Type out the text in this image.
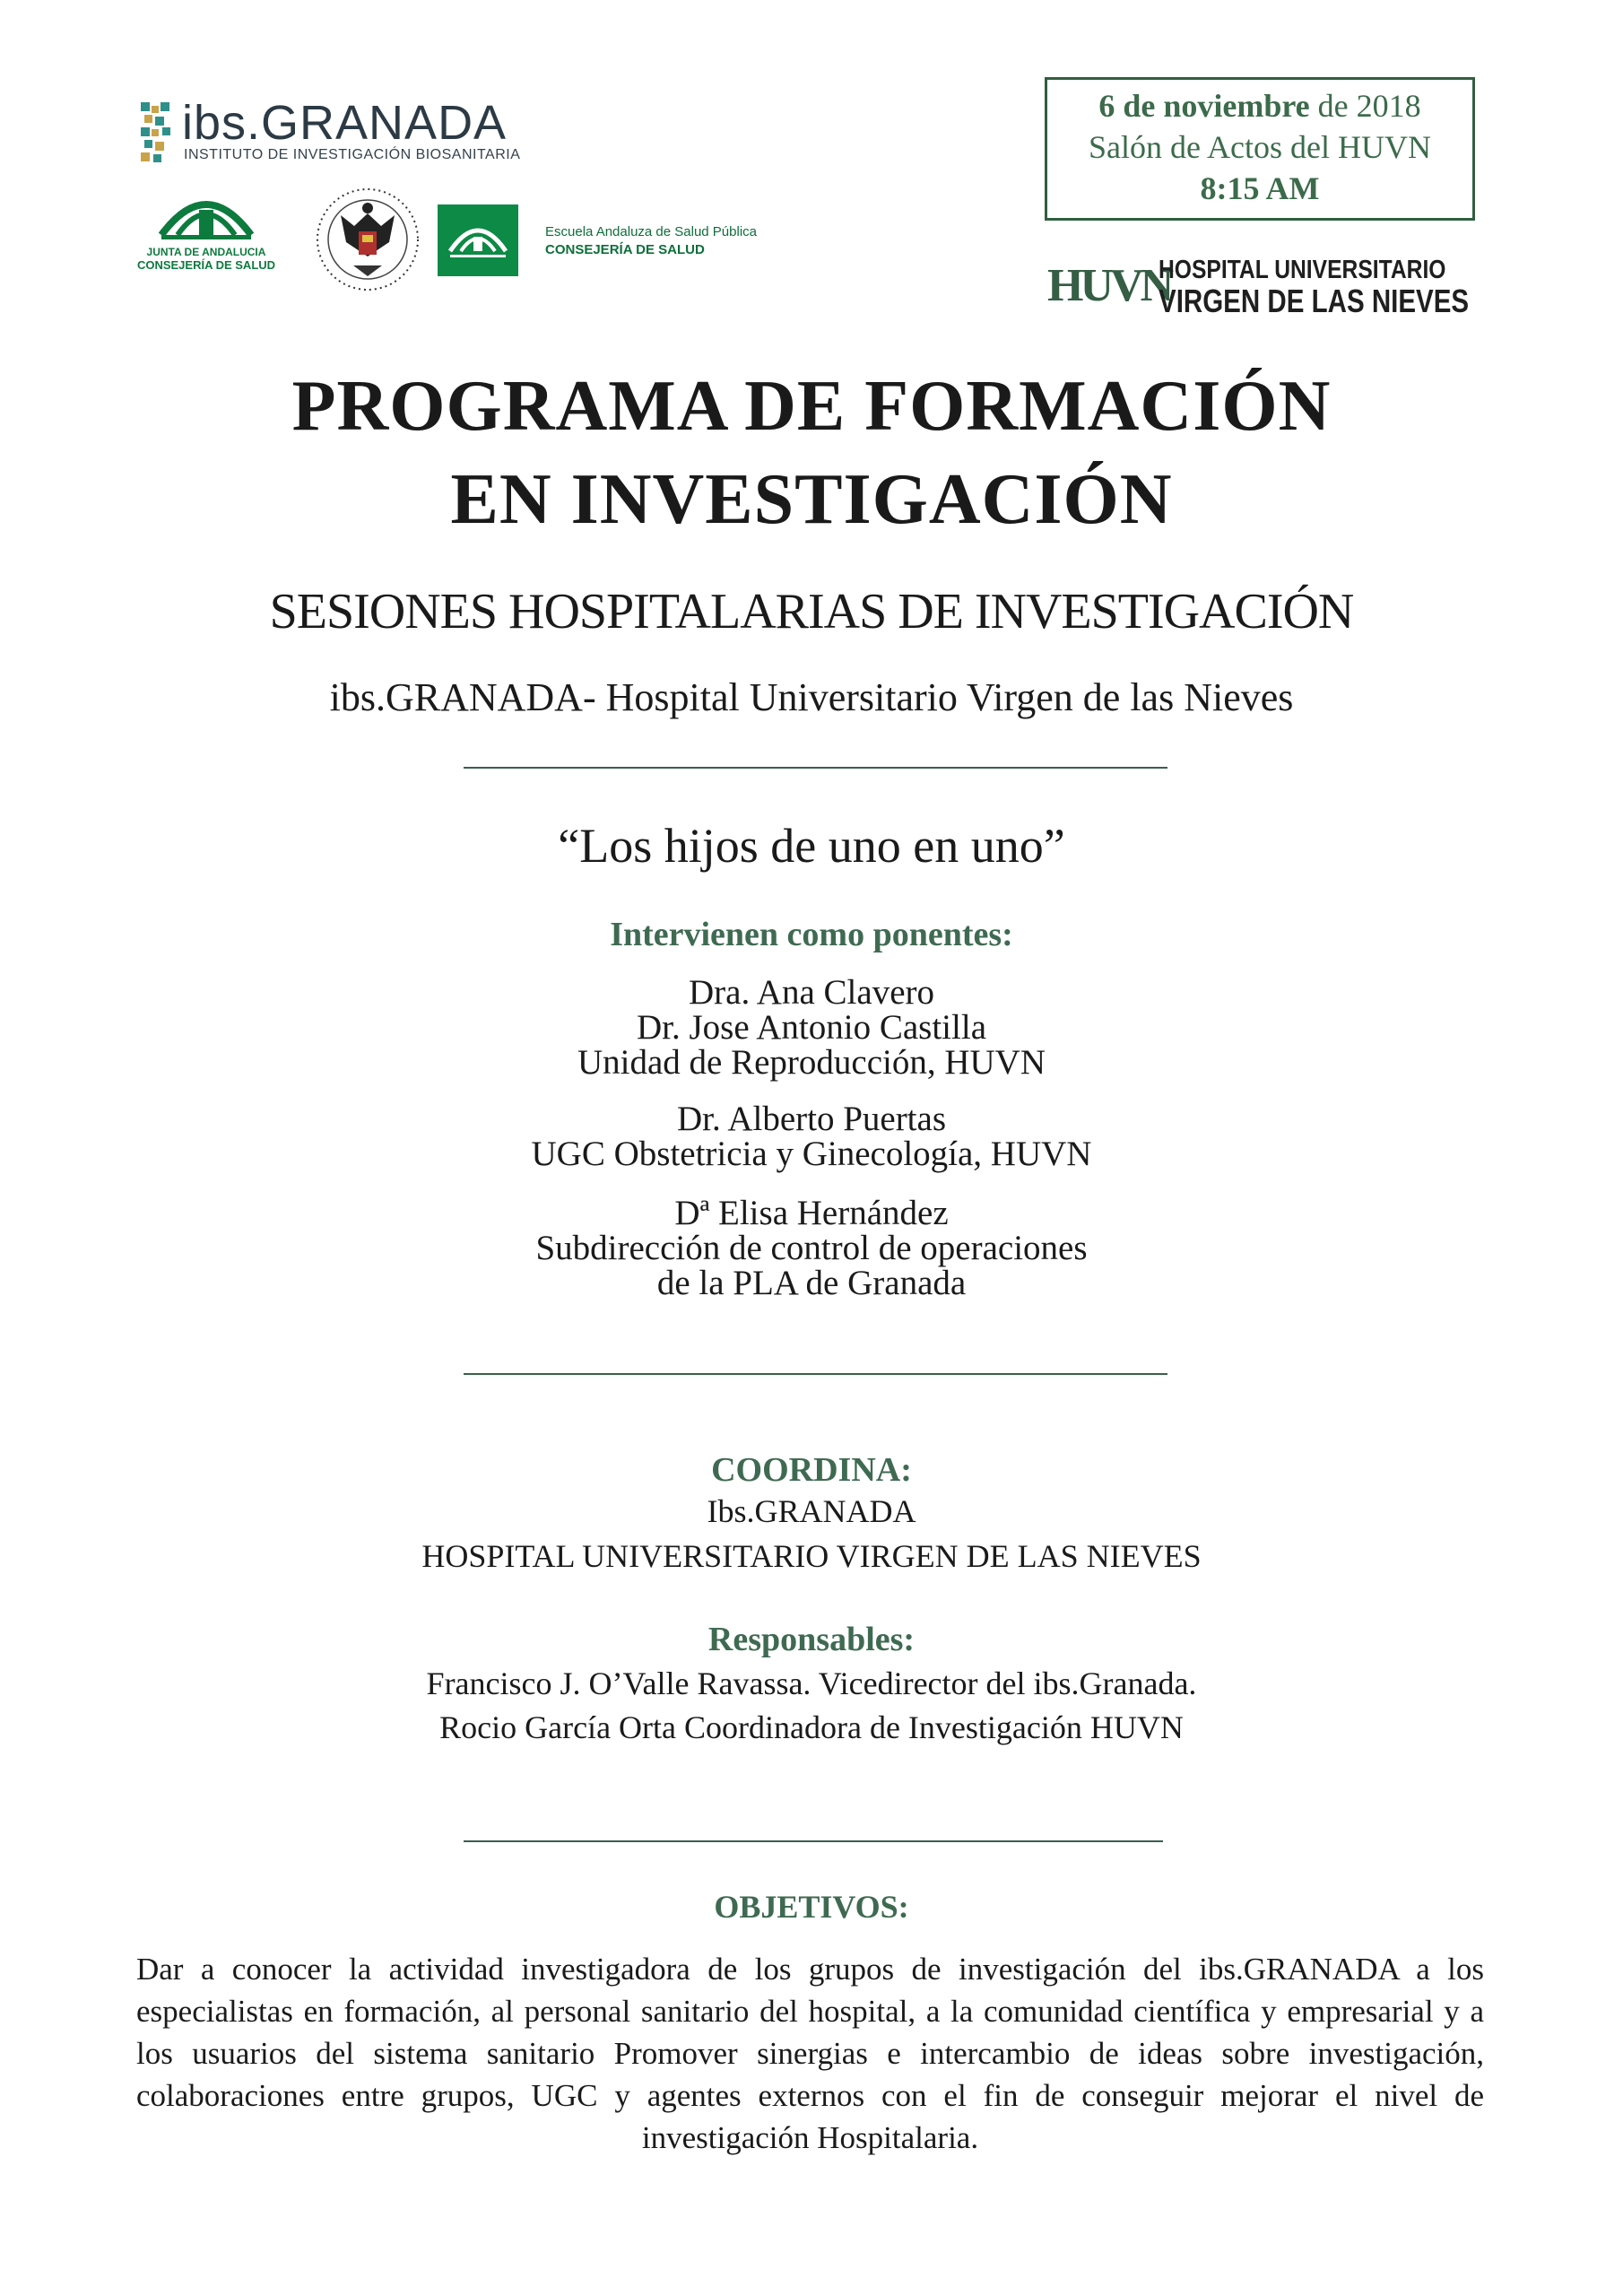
ibs.GRANADA
INSTITUTO DE INVESTIGACIÓN BIOSANITARIA
JUNTA DE ANDALUCIA
CONSEJERÍA DE SALUD
Escuela Andaluza de Salud Pública
CONSEJERÍA DE SALUD
6 de noviembre de 2018
Salón de Actos del HUVN
8:15 AM
HUVN
HOSPITAL UNIVERSITARIO
VIRGEN DE LAS NIEVES
PROGRAMA DE FORMACIÓN
EN INVESTIGACIÓN
SESIONES HOSPITALARIAS DE INVESTIGACIÓN
ibs.GRANADA- Hospital Universitario Virgen de las Nieves
“Los hijos de uno en uno”
Intervienen como ponentes:
Dra. Ana Clavero
Dr. Jose Antonio Castilla
Unidad de Reproducción, HUVN
Dr. Alberto Puertas
UGC Obstetricia y Ginecología, HUVN
Dª Elisa Hernández
Subdirección de control de operaciones
de la PLA de Granada
COORDINA:
Ibs.GRANADA
HOSPITAL UNIVERSITARIO VIRGEN DE LAS NIEVES
Responsables:
Francisco J. O’Valle Ravassa. Vicedirector del ibs.Granada.
Rocio García Orta Coordinadora de Investigación HUVN
OBJETIVOS:
Dar a conocer la actividad investigadora de los grupos de investigación del ibs.GRANADA a los especialistas en formación, al personal sanitario del hospital, a la comunidad científica y empresarial y a los usuarios del sistema sanitario Promover sinergias e intercambio de ideas sobre investigación, colaboraciones entre grupos, UGC y agentes externos con el fin de conseguir mejorar el nivel de investigación Hospitalaria.
